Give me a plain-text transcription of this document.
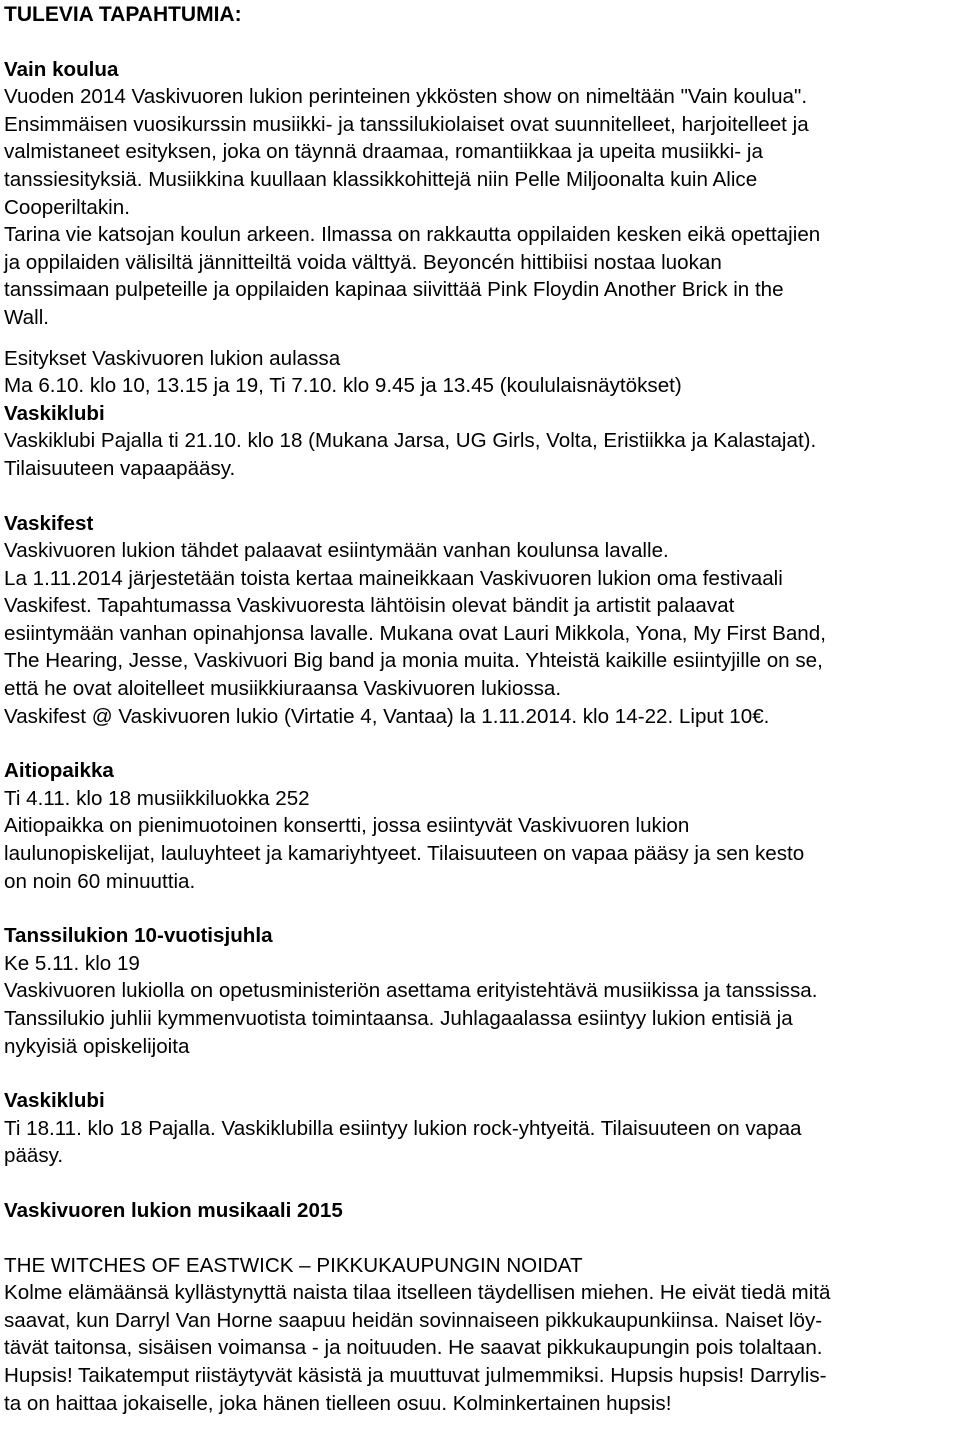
TULEVIA TAPAHTUMIA:
Vain koulua
Vuoden 2014 Vaskivuoren lukion perinteinen ykkösten show on nimeltään "Vain koulua".
Ensimmäisen vuosikurssin musiikki- ja tanssilukiolaiset ovat suunnitelleet, harjoitelleet ja
valmistaneet esityksen, joka on täynnä draamaa, romantiikkaa ja upeita musiikki- ja
tanssiesityksiä. Musiikkina kuullaan klassikkohittejä niin Pelle Miljoonalta kuin Alice
Cooperiltakin.
Tarina vie katsojan koulun arkeen. Ilmassa on rakkautta oppilaiden kesken eikä opettajien
ja oppilaiden välisiltä jännitteiltä voida välttyä. Beyoncén hittibiisi nostaa luokan
tanssimaan pulpeteille ja oppilaiden kapinaa siivittää Pink Floydin Another Brick in the
Wall.
Esitykset Vaskivuoren lukion aulassa
Ma 6.10. klo 10, 13.15 ja 19, Ti 7.10. klo 9.45 ja 13.45 (koululaisnäytökset)
Vaskiklubi
Vaskiklubi Pajalla ti 21.10. klo 18 (Mukana Jarsa, UG Girls, Volta, Eristiikka ja Kalastajat).
Tilaisuuteen vapaapääsy.
Vaskifest
Vaskivuoren lukion tähdet palaavat esiintymään vanhan koulunsa lavalle.
La 1.11.2014 järjestetään toista kertaa maineikkaan Vaskivuoren lukion oma festivaali
Vaskifest. Tapahtumassa Vaskivuoresta lähtöisin olevat bändit ja artistit palaavat
esiintymään vanhan opinahjonsa lavalle. Mukana ovat Lauri Mikkola, Yona, My First Band,
The Hearing, Jesse, Vaskivuori Big band ja monia muita. Yhteistä kaikille esiintyjille on se,
että he ovat aloitelleet musiikkiuraansa Vaskivuoren lukiossa.
Vaskifest @ Vaskivuoren lukio (Virtatie 4, Vantaa) la 1.11.2014. klo 14-22. Liput 10€.
Aitiopaikka
Ti 4.11. klo 18 musiikkiluokka 252
Aitiopaikka on pienimuotoinen konsertti, jossa esiintyvät Vaskivuoren lukion
laulunopiskelijat, lauluyhteet ja kamariyhtyeet. Tilaisuuteen on vapaa pääsy ja sen kesto
on noin 60 minuuttia.
Tanssilukion 10-vuotisjuhla
Ke 5.11. klo 19
Vaskivuoren lukiolla on opetusministeriön asettama erityistehtävä musiikissa ja tanssissa.
Tanssilukio juhlii kymmenvuotista toimintaansa. Juhlagaalassa esiintyy lukion entisiä ja
nykyisiä opiskelijoita
Vaskiklubi
Ti 18.11. klo 18 Pajalla. Vaskiklubilla esiintyy lukion rock-yhtyeitä. Tilaisuuteen on vapaa
pääsy.
Vaskivuoren lukion musikaali 2015
THE WITCHES OF EASTWICK – PIKKUKAUPUNGIN NOIDAT
Kolme elämäänsä kyllästynyttä naista tilaa itselleen täydellisen miehen. He eivät tiedä mitä
saavat, kun Darryl Van Horne saapuu heidän sovinnaiseen pikkukaupunkiinsa. Naiset löy-
tävät taitonsa, sisäisen voimansa - ja noituuden. He saavat pikkukaupungin pois tolaltaan.
Hupsis! Taikatemput riistäytyvät käsistä ja muuttuvat julmemmiksi. Hupsis hupsis! Darrylis-
ta on haittaa jokaiselle, joka hänen tielleen osuu. Kolminkertainen hupsis!
